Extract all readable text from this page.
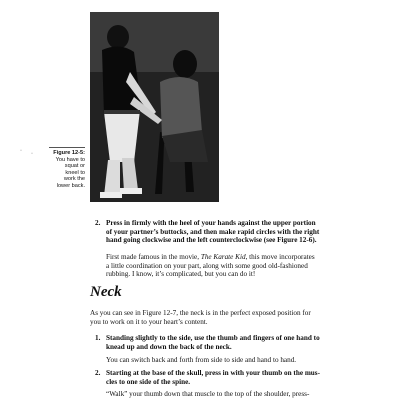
Figure 12-5:
You have to
squat or
kneel to
work the
lower back.
· ·
2. Press in firmly with the heel of your hands against the upper portion
of your partner’s buttocks, and then make rapid circles with the right
hand going clockwise and the left counterclockwise (see Figure 12-6).
First made famous in the movie, The Karate Kid, this move incorporates
a little coordination on your part, along with some good old-fashioned
rubbing. I know, it’s complicated, but you can do it!
Neck
As you can see in Figure 12-7, the neck is in the perfect exposed position for
you to work on it to your heart’s content.
1. Standing slightly to the side, use the thumb and fingers of one hand to
knead up and down the back of the neck.
You can switch back and forth from side to side and hand to hand.
2. Starting at the base of the skull, press in with your thumb on the mus-
cles to one side of the spine.
“Walk” your thumb down that muscle to the top of the shoulder, press-
